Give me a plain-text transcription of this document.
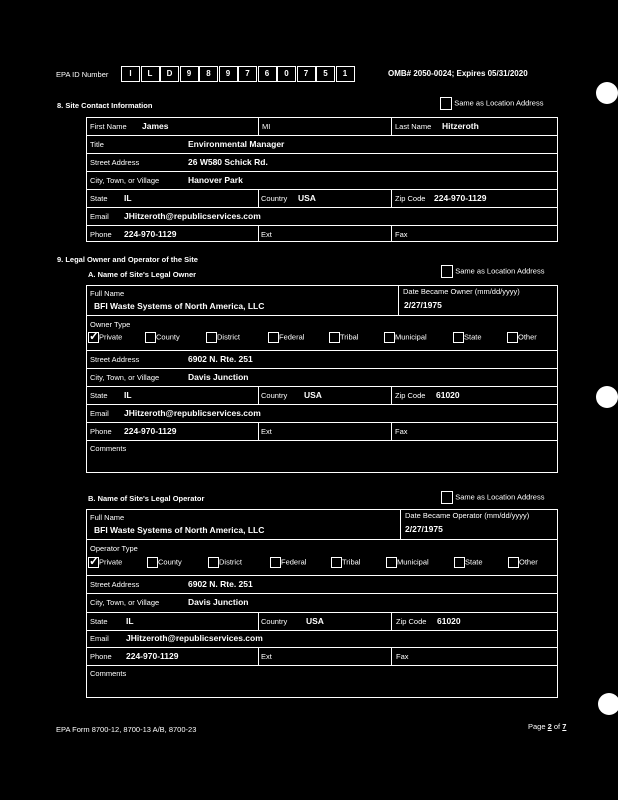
EPA ID Number	I	L	D	9	8	9	7	6	0	7	5	1	OMB# 2050-0024; Expires 05/31/2020
8. Site Contact Information	Same as Location Address
First Name James	MI	Last Name Hitzeroth
Title	Environmental Manager
Street Address	26 W580 Schick Rd.
City, Town, or Village	Hanover Park
State IL	Country USA	Zip Code 224-970-1129
Email JHitzeroth@republicservices.com
Phone 224-970-1129	Ext	Fax
9. Legal Owner and Operator of the Site
A. Name of Site's Legal Owner	Same as Location Address
Full Name
BFI Waste Systems of North America, LLC
Date Became Owner (mm/dd/yyyy)
2/27/1975
Owner Type
✓Private	County	District	Federal	Tribal	Municipal	State	Other
Street Address	6902 N. Rte. 251
City, Town, or Village	Davis Junction
State IL	Country USA	Zip Code 61020
Email JHitzeroth@republicservices.com
Phone 224-970-1129	Ext	Fax
Comments
B. Name of Site's Legal Operator	Same as Location Address
Full Name
BFI Waste Systems of North America, LLC
Date Became Operator (mm/dd/yyyy)
2/27/1975
Operator Type
✓Private	County	District	Federal	Tribal	Municipal	State	Other
Street Address	6902 N. Rte. 251
City, Town, or Village	Davis Junction
State IL	Country USA	Zip Code 61020
Email JHitzeroth@republicservices.com
Phone 224-970-1129	Ext	Fax
Comments
EPA Form 8700-12, 8700-13 A/B, 8700-23	Page 2 of 7
